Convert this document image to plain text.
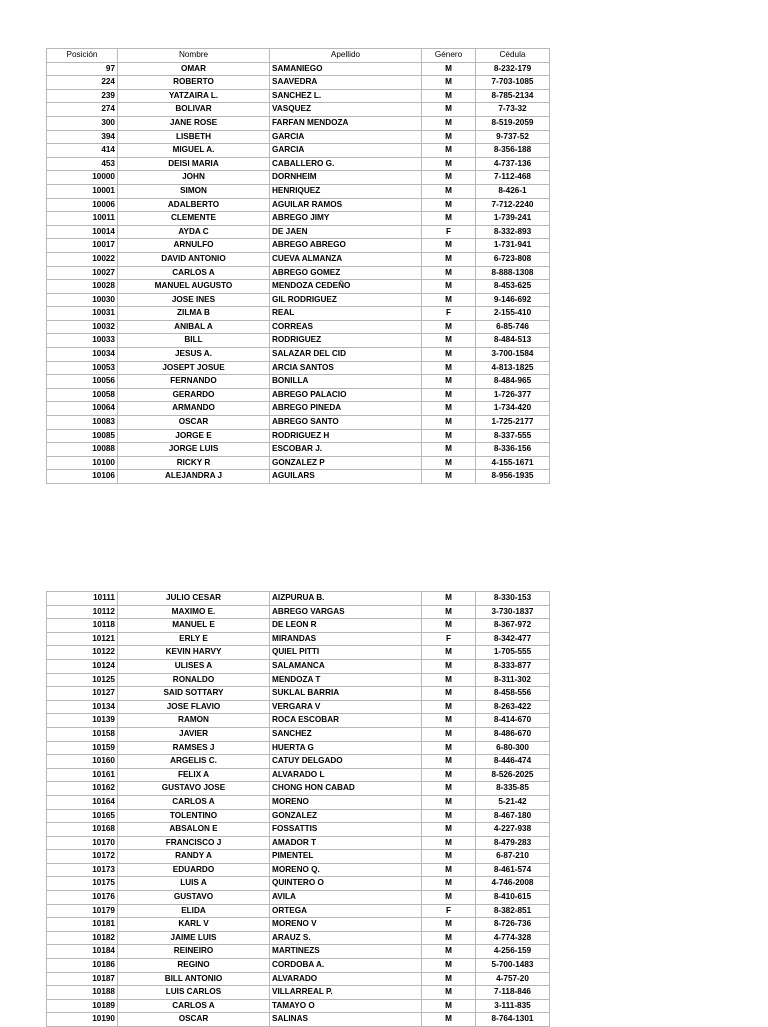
Posición	Nombre	Apellido	Género	Cédula
97	OMAR	SAMANIEGO	M	8-232-179
224	ROBERTO	SAAVEDRA	M	7-703-1085
239	YATZAIRA L.	SANCHEZ L.	M	8-785-2134
274	BOLIVAR	VASQUEZ	M	7-73-32
300	JANE ROSE	FARFAN MENDOZA	M	8-519-2059
394	LISBETH	GARCIA	M	9-737-52
414	MIGUEL A.	GARCIA	M	8-356-188
453	DEISI MARIA	CABALLERO G.	M	4-737-136
10000	JOHN	DORNHEIM	M	7-112-468
10001	SIMON	HENRIQUEZ	M	8-426-1
10006	ADALBERTO	AGUILAR RAMOS	M	7-712-2240
10011	CLEMENTE	ABREGO JIMY	M	1-739-241
10014	AYDA C	DE JAEN	F	8-332-893
10017	ARNULFO	ABREGO ABREGO	M	1-731-941
10022	DAVID ANTONIO	CUEVA ALMANZA	M	6-723-808
10027	CARLOS A	ABREGO GOMEZ	M	8-888-1308
10028	MANUEL AUGUSTO	MENDOZA CEDEÑO	M	8-453-625
10030	JOSE INES	GIL RODRIGUEZ	M	9-146-692
10031	ZILMA B	REAL	F	2-155-410
10032	ANIBAL A	CORREAS	M	6-85-746
10033	BILL	RODRIGUEZ	M	8-484-513
10034	JESUS A.	SALAZAR DEL CID	M	3-700-1584
10053	JOSEPT JOSUE	ARCIA SANTOS	M	4-813-1825
10056	FERNANDO	BONILLA	M	8-484-965
10058	GERARDO	ABREGO PALACIO	M	1-726-377
10064	ARMANDO	ABREGO PINEDA	M	1-734-420
10083	OSCAR	ABREGO SANTO	M	1-725-2177
10085	JORGE E	RODRIGUEZ H	M	8-337-555
10088	JORGE LUIS	ESCOBAR J.	M	8-336-156
10100	RICKY R	GONZALEZ P	M	4-155-1671
10106	ALEJANDRA J	AGUILARS	M	8-956-1935
10111	JULIO CESAR	AIZPURUA B.	M	8-330-153
10112	MAXIMO E.	ABREGO VARGAS	M	3-730-1837
10118	MANUEL E	DE LEON R	M	8-367-972
10121	ERLY E	MIRANDAS	F	8-342-477
10122	KEVIN HARVY	QUIEL PITTI	M	1-705-555
10124	ULISES A	SALAMANCA	M	8-333-877
10125	RONALDO	MENDOZA T	M	8-311-302
10127	SAID SOTTARY	SUKLAL BARRIA	M	8-458-556
10134	JOSE FLAVIO	VERGARA V	M	8-263-422
10139	RAMON	ROCA ESCOBAR	M	8-414-670
10158	JAVIER	SANCHEZ	M	8-486-670
10159	RAMSES J	HUERTA G	M	6-80-300
10160	ARGELIS C.	CATUY DELGADO	M	8-446-474
10161	FELIX A	ALVARADO L	M	8-526-2025
10162	GUSTAVO JOSE	CHONG HON CABAD	M	8-335-85
10164	CARLOS A	MORENO	M	5-21-42
10165	TOLENTINO	GONZALEZ	M	8-467-180
10168	ABSALON E	FOSSATTIS	M	4-227-938
10170	FRANCISCO J	AMADOR T	M	8-479-283
10172	RANDY A	PIMENTEL	M	6-87-210
10173	EDUARDO	MORENO Q.	M	8-461-574
10175	LUIS A	QUINTERO O	M	4-746-2008
10176	GUSTAVO	AVILA	M	8-410-615
10179	ELIDA	ORTEGA	F	8-382-851
10181	KARL V	MORENO V	M	8-726-736
10182	JAIME LUIS	ARAUZ S.	M	4-774-328
10184	REINEIRO	MARTINEZS	M	4-256-159
10186	REGINO	CORDOBA A.	M	5-700-1483
10187	BILL ANTONIO	ALVARADO	M	4-757-20
10188	LUIS CARLOS	VILLARREAL P.	M	7-118-846
10189	CARLOS A	TAMAYO O	M	3-111-835
10190	OSCAR	SALINAS	M	8-764-1301
